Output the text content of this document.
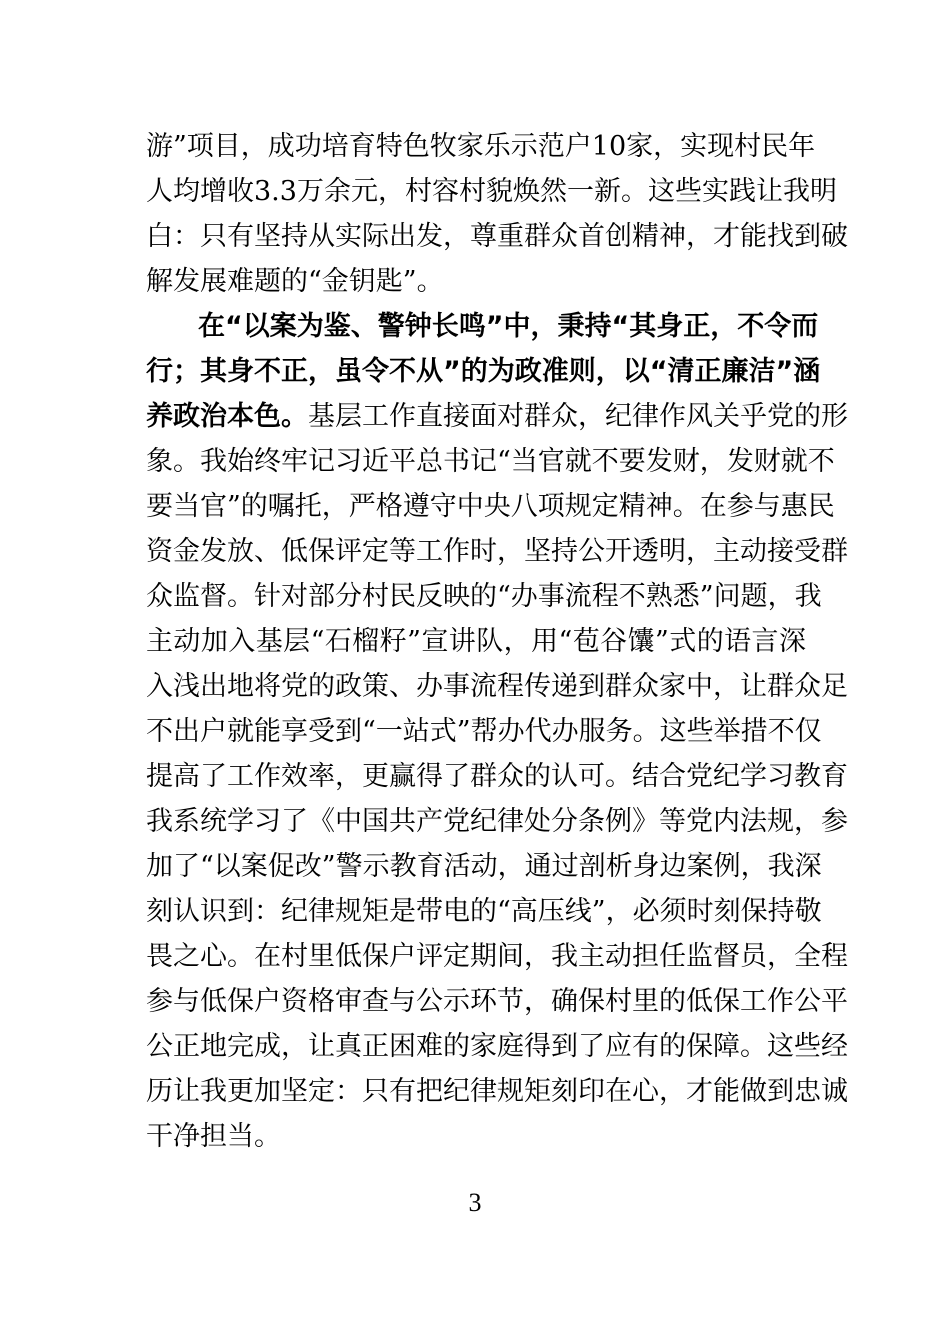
游”项目，成功培育特色牧家乐示范户10家，实现村民年
人均增收3.3万余元，村容村貌焕然一新。这些实践让我明
白：只有坚持从实际出发，尊重群众首创精神，才能找到破
解发展难题的“金钥匙”。
在“以案为鉴、警钟长鸣”中，秉持“其身正，不令而
行；其身不正，虽令不从”的为政准则，以“清正廉洁”涵
养政治本色。基层工作直接面对群众，纪律作风关乎党的形
象。我始终牢记习近平总书记“当官就不要发财，发财就不
要当官”的嘱托，严格遵守中央八项规定精神。在参与惠民
资金发放、低保评定等工作时，坚持公开透明，主动接受群
众监督。针对部分村民反映的“办事流程不熟悉”问题，我
主动加入基层“石榴籽”宣讲队，用“苞谷馕”式的语言深
入浅出地将党的政策、办事流程传递到群众家中，让群众足
不出户就能享受到“一站式”帮办代办服务。这些举措不仅
提高了工作效率，更赢得了群众的认可。结合党纪学习教育
我系统学习了《中国共产党纪律处分条例》等党内法规，参
加了“以案促改”警示教育活动，通过剖析身边案例，我深
刻认识到：纪律规矩是带电的“高压线”，必须时刻保持敬
畏之心。在村里低保户评定期间，我主动担任监督员，全程
参与低保户资格审查与公示环节，确保村里的低保工作公平
公正地完成，让真正困难的家庭得到了应有的保障。这些经
历让我更加坚定：只有把纪律规矩刻印在心，才能做到忠诚
干净担当。
3
